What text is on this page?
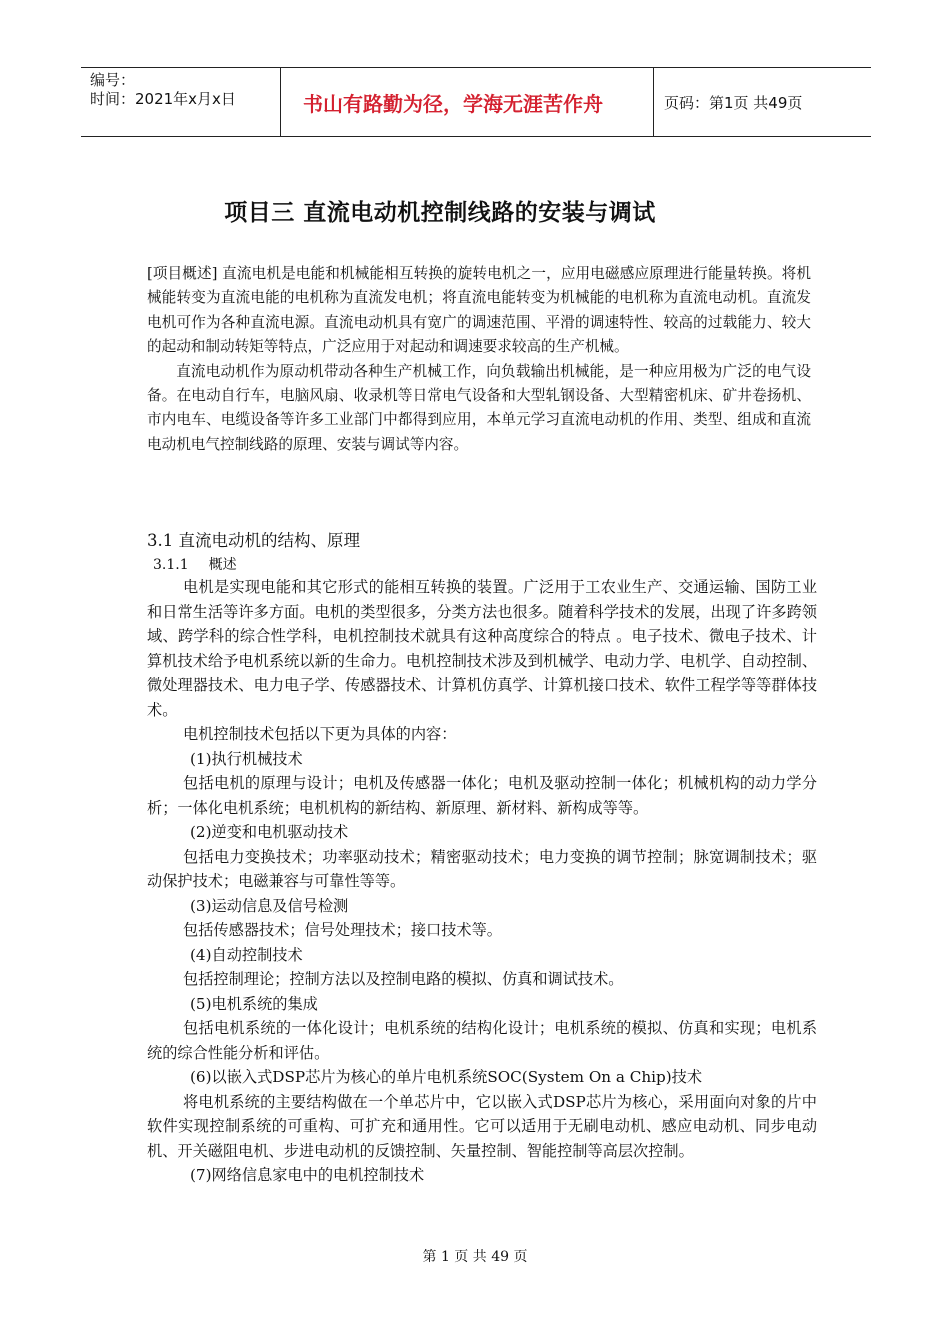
编号：
时间：2021年x月x日	书山有路勤为径，学海无涯苦作舟	页码：第1页 共49页
项目三 直流电动机控制线路的安装与调试

[项目概述] 直流电机是电能和机械能相互转换的旋转电机之一，应用电磁感应原理进行能量转换。将机械能转变为直流电能的电机称为直流发电机；将直流电能转变为机械能的电机称为直流电动机。直流发电机可作为各种直流电源。直流电动机具有宽广的调速范围、平滑的调速特性、较高的过载能力、较大的起动和制动转矩等特点，广泛应用于对起动和调速要求较高的生产机械。

直流电动机作为原动机带动各种生产机械工作，向负载输出机械能，是一种应用极为广泛的电气设备。在电动自行车，电脑风扇、收录机等日常电气设备和大型轧钢设备、大型精密机床、矿井卷扬机、市内电车、电缆设备等许多工业部门中都得到应用，本单元学习直流电动机的作用、类型、组成和直流电动机电气控制线路的原理、安装与调试等内容。

3.1 直流电动机的结构、原理
3.1.1 概述

电机是实现电能和其它形式的能相互转换的装置。广泛用于工农业生产、交通运输、国防工业和日常生活等许多方面。电机的类型很多，分类方法也很多。随着科学技术的发展，出现了许多跨领域、跨学科的综合性学科，电机控制技术就具有这种高度综合的特点 。电子技术、微电子技术、计算机技术给予电机系统以新的生命力。电机控制技术涉及到机械学、电动力学、电机学、自动控制、微处理器技术、电力电子学、传感器技术、计算机仿真学、计算机接口技术、软件工程学等等群体技术。

电机控制技术包括以下更为具体的内容：

(1)执行机械技术

包括电机的原理与设计；电机及传感器一体化；电机及驱动控制一体化；机械机构的动力学分析；一体化电机系统；电机机构的新结构、新原理、新材料、新构成等等。

(2)逆变和电机驱动技术

包括电力变换技术；功率驱动技术；精密驱动技术；电力变换的调节控制；脉宽调制技术；驱动保护技术；电磁兼容与可靠性等等。

(3)运动信息及信号检测

包括传感器技术；信号处理技术；接口技术等。

(4)自动控制技术

包括控制理论；控制方法以及控制电路的模拟、仿真和调试技术。

(5)电机系统的集成

包括电机系统的一体化设计；电机系统的结构化设计；电机系统的模拟、仿真和实现；电机系统的综合性能分析和评估。

(6)以嵌入式DSP芯片为核心的单片电机系统SOC(System On a Chip)技术

将电机系统的主要结构做在一个单芯片中，它以嵌入式DSP芯片为核心，采用面向对象的片中软件实现控制系统的可重构、可扩充和通用性。它可以适用于无刷电动机、感应电动机、同步电动机、开关磁阻电机、步进电动机的反馈控制、矢量控制、智能控制等高层次控制。

(7)网络信息家电中的电机控制技术

第 1 页 共 49 页
